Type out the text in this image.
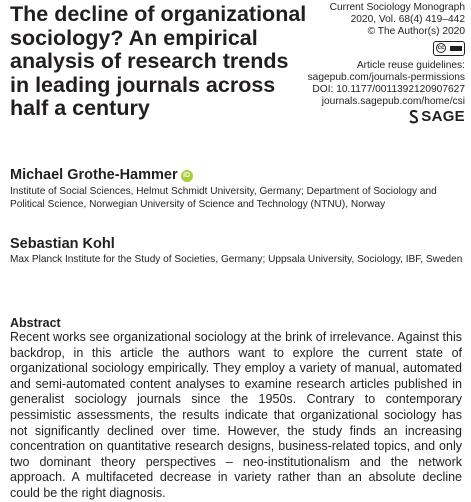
The decline of organizational sociology? An empirical analysis of research trends in leading journals across half a century
Current Sociology Monograph
2020, Vol. 68(4) 419–442
© The Author(s) 2020
cc
Article reuse guidelines:
sagepub.com/journals-permissions
DOI: 10.1177/0011392120907627
journals.sagepub.com/home/csi
SAGE

Michael Grothe-Hammer iD

Institute of Social Sciences, Helmut Schmidt University, Germany; Department of Sociology and Political Science, Norwegian University of Science and Technology (NTNU), Norway

Sebastian Kohl

Max Planck Institute for the Study of Societies, Germany; Uppsala University, Sociology, IBF, Sweden

Abstract

Recent works see organizational sociology at the brink of irrelevance. Against this backdrop, in this article the authors want to explore the current state of organizational sociology empirically. They employ a variety of manual, automated and semi-automated content analyses to examine research articles published in generalist sociology journals since the 1950s. Contrary to contemporary pessimistic assessments, the results indicate that organizational sociology has not significantly declined over time. However, the study finds an increasing concentration on quantitative research designs, business-related topics, and only two dominant theory perspectives – neo-institutionalism and the network approach. A multifaceted decrease in variety rather than an absolute decline could be the right diagnosis.
